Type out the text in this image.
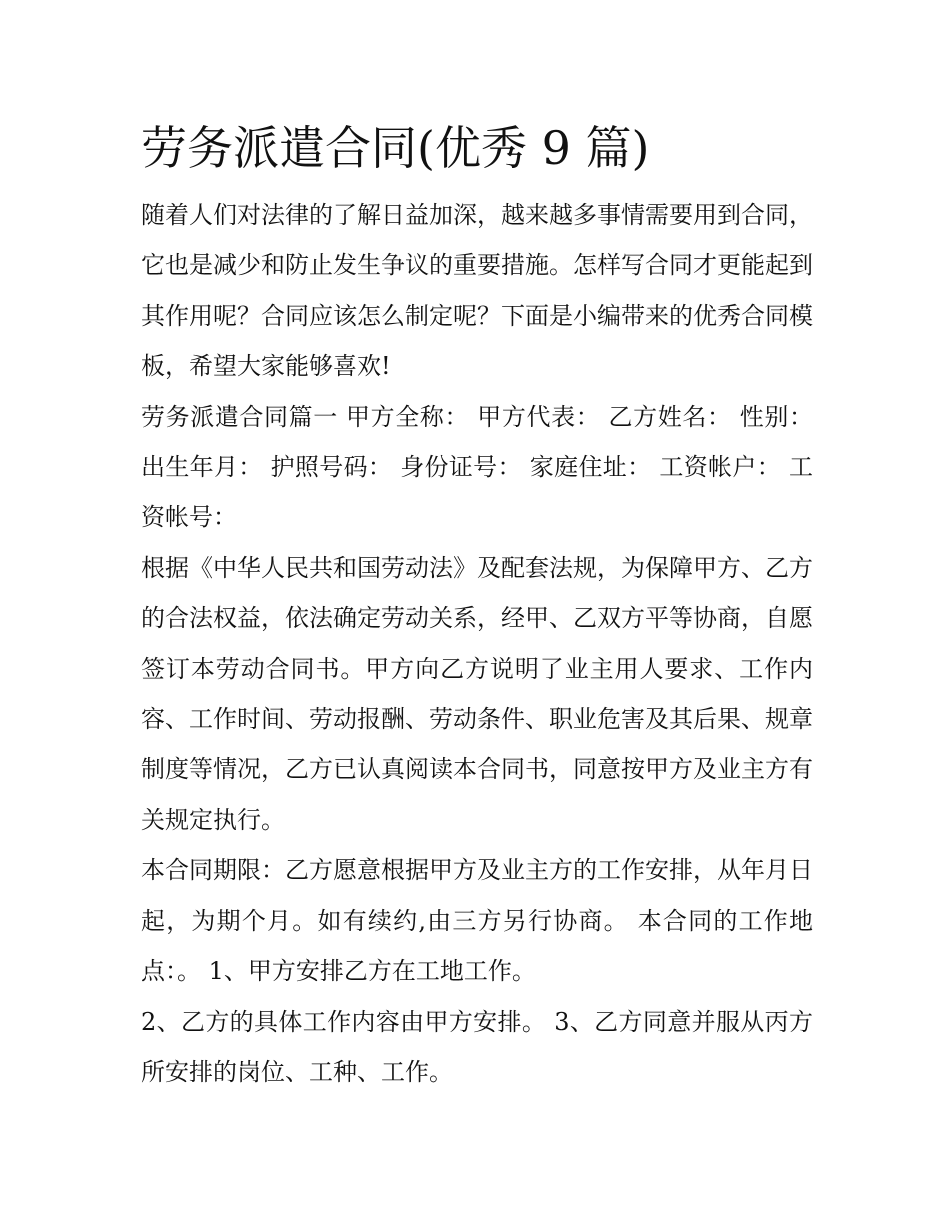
劳务派遣合同(优秀 9 篇)

随着人们对法律的了解日益加深，越来越多事情需要用到合同，它也是减少和防止发生争议的重要措施。怎样写合同才更能起到其作用呢？合同应该怎么制定呢？下面是小编带来的优秀合同模板，希望大家能够喜欢!

劳务派遣合同篇一 甲方全称： 甲方代表： 乙方姓名： 性别： 出生年月： 护照号码： 身份证号： 家庭住址： 工资帐户： 工资帐号：

根据《中华人民共和国劳动法》及配套法规，为保障甲方、乙方的合法权益，依法确定劳动关系，经甲、乙双方平等协商，自愿签订本劳动合同书。甲方向乙方说明了业主用人要求、工作内容、工作时间、劳动报酬、劳动条件、职业危害及其后果、规章制度等情况，乙方已认真阅读本合同书，同意按甲方及业主方有关规定执行。

本合同期限：乙方愿意根据甲方及业主方的工作安排，从年月日起，为期个月。如有续约,由三方另行协商。 本合同的工作地点：。 1、甲方安排乙方在工地工作。

2、乙方的具体工作内容由甲方安排。 3、乙方同意并服从丙方所安排的岗位、工种、工作。
